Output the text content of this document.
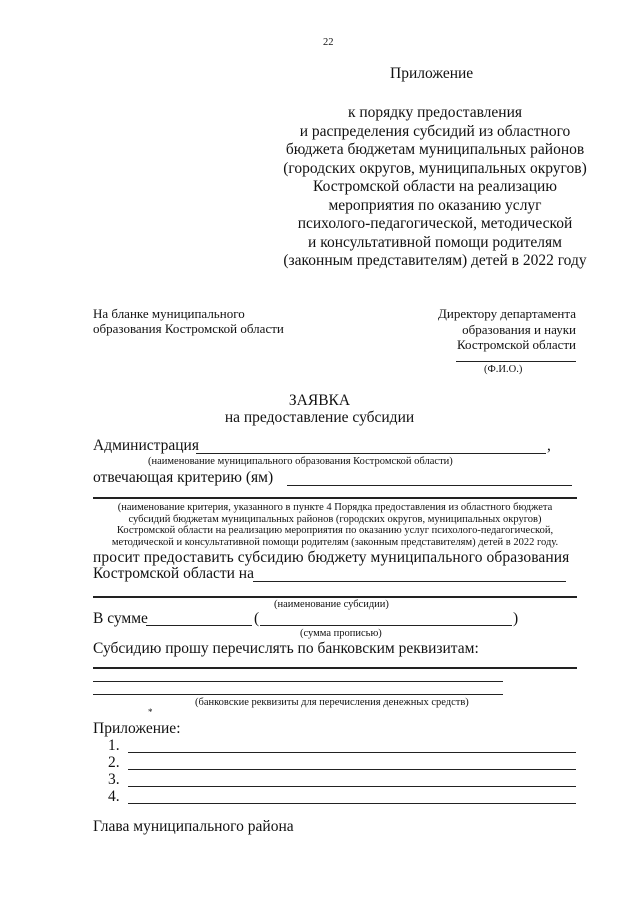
22
Приложение
к порядку предоставления
и распределения субсидий из областного
бюджета бюджетам муниципальных районов
(городских округов, муниципальных округов)
Костромской области на реализацию
мероприятия по оказанию услуг
психолого-педагогической, методической
и консультативной помощи родителям
(законным представителям) детей в 2022 году
На бланке муниципального
образования Костромской области
Директору департамента
образования и науки
Костромской области
(Ф.И.О.)
ЗАЯВКА
на предоставление субсидии
Администрация	,
(наименование муниципального образования Костромской области)
отвечающая критерию (ям)
(наименование критерия, указанного в пункте 4 Порядка предоставления из областного бюджета
субсидий бюджетам муниципальных районов (городских округов, муниципальных округов)
Костромской области на реализацию мероприятия по оказанию услуг психолого-педагогической,
методической и консультативной помощи родителям (законным представителям) детей в 2022 году.
просит предоставить субсидию бюджету муниципального образования
Костромской области на
(наименование субсидии)
В сумме	(	)
(сумма прописью)
Субсидию прошу перечислять по банковским реквизитам:
(банковские реквизиты для перечисления денежных средств)
*
Приложение:
1.
2.
3.
4.
Глава муниципального района
